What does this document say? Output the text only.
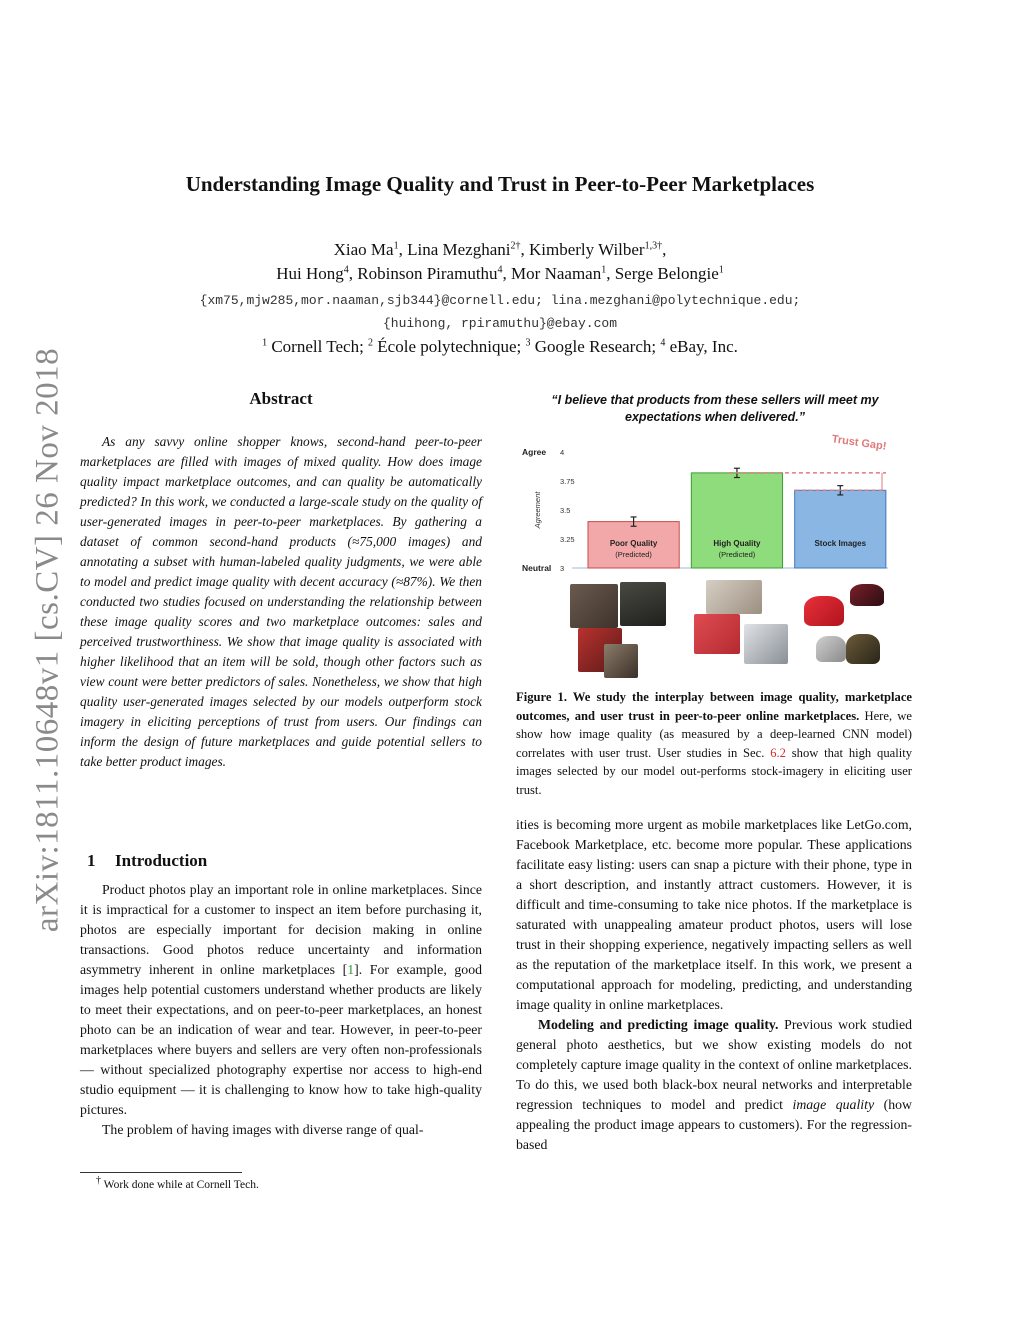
arXiv:1811.10648v1 [cs.CV] 26 Nov 2018
Understanding Image Quality and Trust in Peer-to-Peer Marketplaces
Xiao Ma$^1$, Lina Mezghani$^{2\dagger}$, Kimberly Wilber$^{1,3\dagger}$,
Hui Hong$^4$, Robinson Piramuthu$^4$, Mor Naaman$^1$, Serge Belongie$^1$
{xm75,mjw285,mor.naaman,sjb344}@cornell.edu; lina.mezghani@polytechnique.edu;
{huihong, rpiramuthu}@ebay.com
$^1$ Cornell Tech; $^2$ École polytechnique; $^3$ Google Research; $^4$ eBay, Inc.
Abstract
As any savvy online shopper knows, second-hand peer-to-peer marketplaces are filled with images of mixed quality. How does image quality impact marketplace outcomes, and can quality be automatically predicted? In this work, we conducted a large-scale study on the quality of user-generated images in peer-to-peer marketplaces. By gathering a dataset of common second-hand products (≈75,000 images) and annotating a subset with human-labeled quality judgments, we were able to model and predict image quality with decent accuracy (≈87%). We then conducted two studies focused on understanding the relationship between these image quality scores and two marketplace outcomes: sales and perceived trustworthiness. We show that image quality is associated with higher likelihood that an item will be sold, though other factors such as view count were better predictors of sales. Nonetheless, we show that high quality user-generated images selected by our models outperform stock imagery in eliciting perceptions of trust from users. Our findings can inform the design of future marketplaces and guide potential sellers to take better product images.
1 Introduction

Product photos play an important role in online marketplaces. Since it is impractical for a customer to inspect an item before purchasing it, photos are especially important for decision making in online transactions. Good photos reduce uncertainty and information asymmetry inherent in online marketplaces [1]. For example, good images help potential customers understand whether products are likely to meet their expectations, and on peer-to-peer marketplaces, an honest photo can be an indication of wear and tear. However, in peer-to-peer marketplaces where buyers and sellers are very often non-professionals — without specialized photography expertise nor access to high-end studio equipment — it is challenging to know how to take high-quality pictures.

The problem of having images with diverse range of qual-

† Work done while at Cornell Tech.
“I believe that products from these sellers will meet my expectations when delivered.”
3
3.25
3.5
3.75
4
Agree
Neutral
Agreement
Poor Quality
(Predicted)
High Quality
(Predicted)
Stock Images
Trust Gap!
Figure 1. We study the interplay between image quality, marketplace outcomes, and user trust in peer-to-peer online marketplaces. Here, we show how image quality (as measured by a deep-learned CNN model) correlates with user trust. User studies in Sec. 6.2 show that high quality images selected by our model out-performs stock-imagery in eliciting user trust.

ities is becoming more urgent as mobile marketplaces like LetGo.com, Facebook Marketplace, etc. become more popular. These applications facilitate easy listing: users can snap a picture with their phone, type in a short description, and instantly attract customers. However, it is difficult and time-consuming to take nice photos. If the marketplace is saturated with unappealing amateur product photos, users will lose trust in their shopping experience, negatively impacting sellers as well as the reputation of the marketplace itself. In this work, we present a computational approach for modeling, predicting, and understanding image quality in online marketplaces.

Modeling and predicting image quality. Previous work studied general photo aesthetics, but we show existing models do not completely capture image quality in the context of online marketplaces. To do this, we used both black-box neural networks and interpretable regression techniques to model and predict image quality (how appealing the product image appears to customers). For the regression-based
